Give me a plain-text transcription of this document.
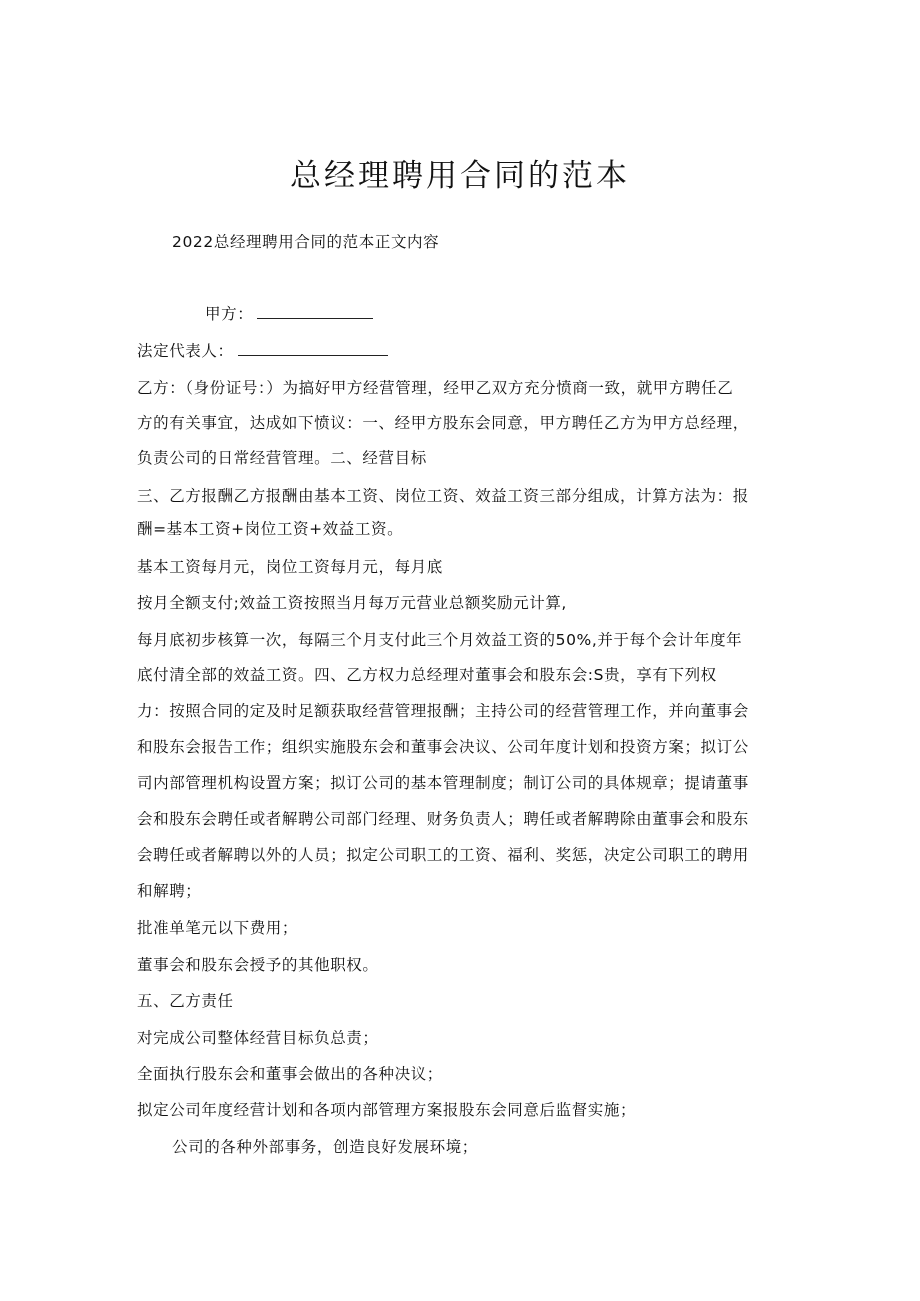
总经理聘用合同的范本
2022总经理聘用合同的范本正文内容
甲方：
法定代表人：
乙方：（身份证号：）为搞好甲方经营管理，经甲乙双方充分愤商一致，就甲方聘任乙
方的有关事宜，达成如下愤议：一、经甲方股东会同意，甲方聘任乙方为甲方总经理，
负责公司的日常经营管理。二、经营目标
三、乙方报酬乙方报酬由基本工资、岗位工资、效益工资三部分组成，计算方法为：报
酬=基本工资+岗位工资+效益工资。
基本工资每月元，岗位工资每月元，每月底
按月全额支付;效益工资按照当月每万元营业总额奖励元计算,
每月底初步核算一次，每隔三个月支付此三个月效益工资的50%,并于每个会计年度年
底付清全部的效益工资。四、乙方权力总经理对董事会和股东会:S贵，享有下列权
力：按照合同的定及时足额获取经营管理报酬；主持公司的经营管理工作，并向董事会
和股东会报告工作；组织实施股东会和董事会决议、公司年度计划和投资方案；拟订公
司内部管理机构设置方案；拟订公司的基本管理制度；制订公司的具体规章；提请董事
会和股东会聘任或者解聘公司部门经理、财务负责人；聘任或者解聘除由董事会和股东
会聘任或者解聘以外的人员；拟定公司职工的工资、福利、奖惩，决定公司职工的聘用
和解聘；
批准单笔元以下费用；
董事会和股东会授予的其他职权。
五、乙方责任
对完成公司整体经营目标负总责；
全面执行股东会和董事会做出的各种决议；
拟定公司年度经营计划和各项内部管理方案报股东会同意后监督实施；
公司的各种外部事务，创造良好发展环境；
